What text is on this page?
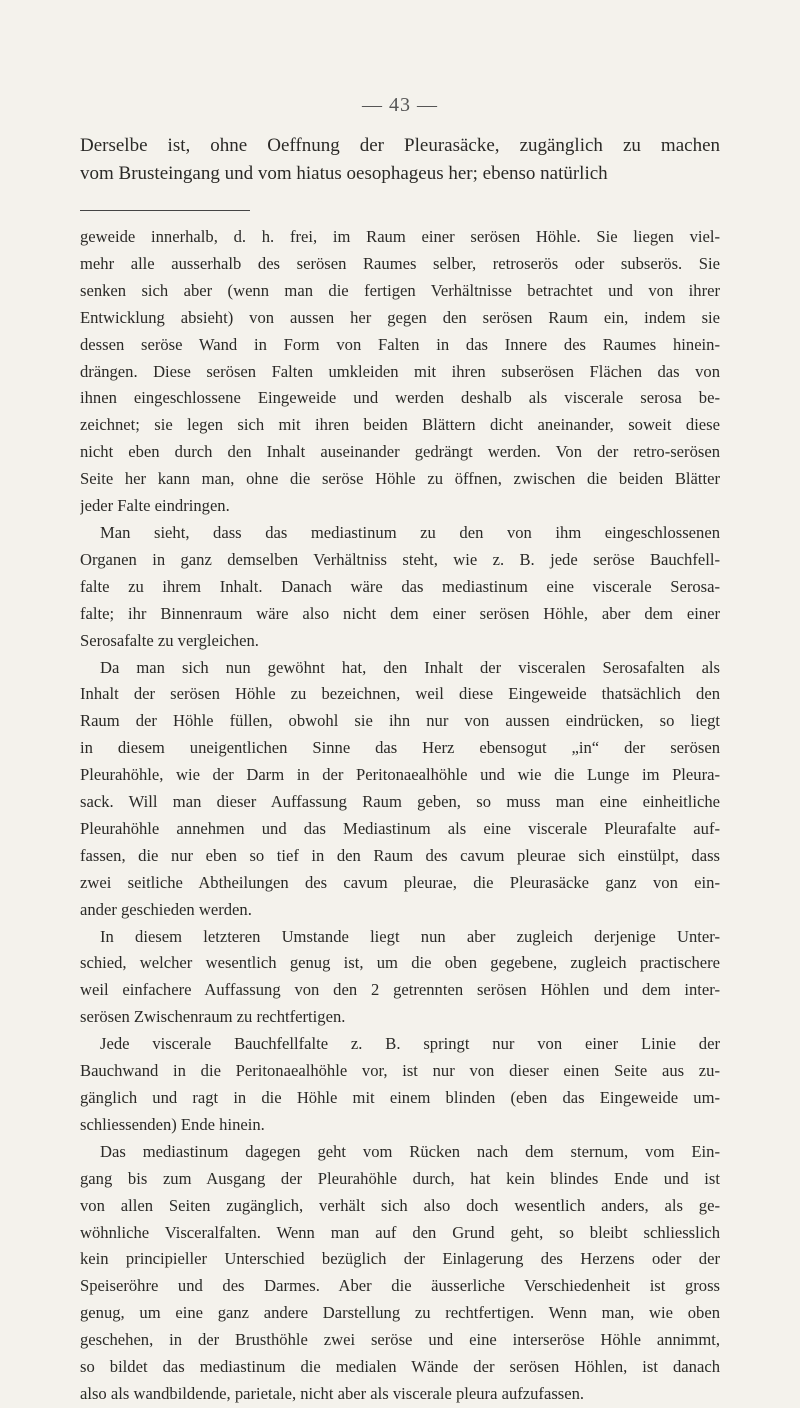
— 43 —
Derselbe ist, ohne Oeffnung der Pleurasäcke, zugänglich zu machen
vom Brusteingang und vom hiatus oesophageus her; ebenso natürlich
geweide innerhalb, d. h. frei, im Raum einer serösen Höhle. Sie liegen viel-
mehr alle ausserhalb des serösen Raumes selber, retroserös oder subserös. Sie
senken sich aber (wenn man die fertigen Verhältnisse betrachtet und von ihrer
Entwicklung absieht) von aussen her gegen den serösen Raum ein, indem sie
dessen seröse Wand in Form von Falten in das Innere des Raumes hinein-
drängen. Diese serösen Falten umkleiden mit ihren subserösen Flächen das von
ihnen eingeschlossene Eingeweide und werden deshalb als viscerale serosa be-
zeichnet; sie legen sich mit ihren beiden Blättern dicht aneinander, soweit diese
nicht eben durch den Inhalt auseinander gedrängt werden. Von der retro-serösen
Seite her kann man, ohne die seröse Höhle zu öffnen, zwischen die beiden Blätter
jeder Falte eindringen.
Man sieht, dass das mediastinum zu den von ihm eingeschlossenen
Organen in ganz demselben Verhältniss steht, wie z. B. jede seröse Bauchfell-
falte zu ihrem Inhalt. Danach wäre das mediastinum eine viscerale Serosa-
falte; ihr Binnenraum wäre also nicht dem einer serösen Höhle, aber dem einer
Serosafalte zu vergleichen.
Da man sich nun gewöhnt hat, den Inhalt der visceralen Serosafalten als
Inhalt der serösen Höhle zu bezeichnen, weil diese Eingeweide thatsächlich den
Raum der Höhle füllen, obwohl sie ihn nur von aussen eindrücken, so liegt
in diesem uneigentlichen Sinne das Herz ebensogut „in“ der serösen
Pleurahöhle, wie der Darm in der Peritonaealhöhle und wie die Lunge im Pleura-
sack. Will man dieser Auffassung Raum geben, so muss man eine einheitliche
Pleurahöhle annehmen und das Mediastinum als eine viscerale Pleurafalte auf-
fassen, die nur eben so tief in den Raum des cavum pleurae sich einstülpt, dass
zwei seitliche Abtheilungen des cavum pleurae, die Pleurasäcke ganz von ein-
ander geschieden werden.
In diesem letzteren Umstande liegt nun aber zugleich derjenige Unter-
schied, welcher wesentlich genug ist, um die oben gegebene, zugleich practischere
weil einfachere Auffassung von den 2 getrennten serösen Höhlen und dem inter-
serösen Zwischenraum zu rechtfertigen.
Jede viscerale Bauchfellfalte z. B. springt nur von einer Linie der
Bauchwand in die Peritonaealhöhle vor, ist nur von dieser einen Seite aus zu-
gänglich und ragt in die Höhle mit einem blinden (eben das Eingeweide um-
schliessenden) Ende hinein.
Das mediastinum dagegen geht vom Rücken nach dem sternum, vom Ein-
gang bis zum Ausgang der Pleurahöhle durch, hat kein blindes Ende und ist
von allen Seiten zugänglich, verhält sich also doch wesentlich anders, als ge-
wöhnliche Visceralfalten. Wenn man auf den Grund geht, so bleibt schliesslich
kein principieller Unterschied bezüglich der Einlagerung des Herzens oder der
Speiseröhre und des Darmes. Aber die äusserliche Verschiedenheit ist gross
genug, um eine ganz andere Darstellung zu rechtfertigen. Wenn man, wie oben
geschehen, in der Brusthöhle zwei seröse und eine interseröse Höhle annimmt,
so bildet das mediastinum die medialen Wände der serösen Höhlen, ist danach
also als wandbildende, parietale, nicht aber als viscerale pleura aufzufassen.
